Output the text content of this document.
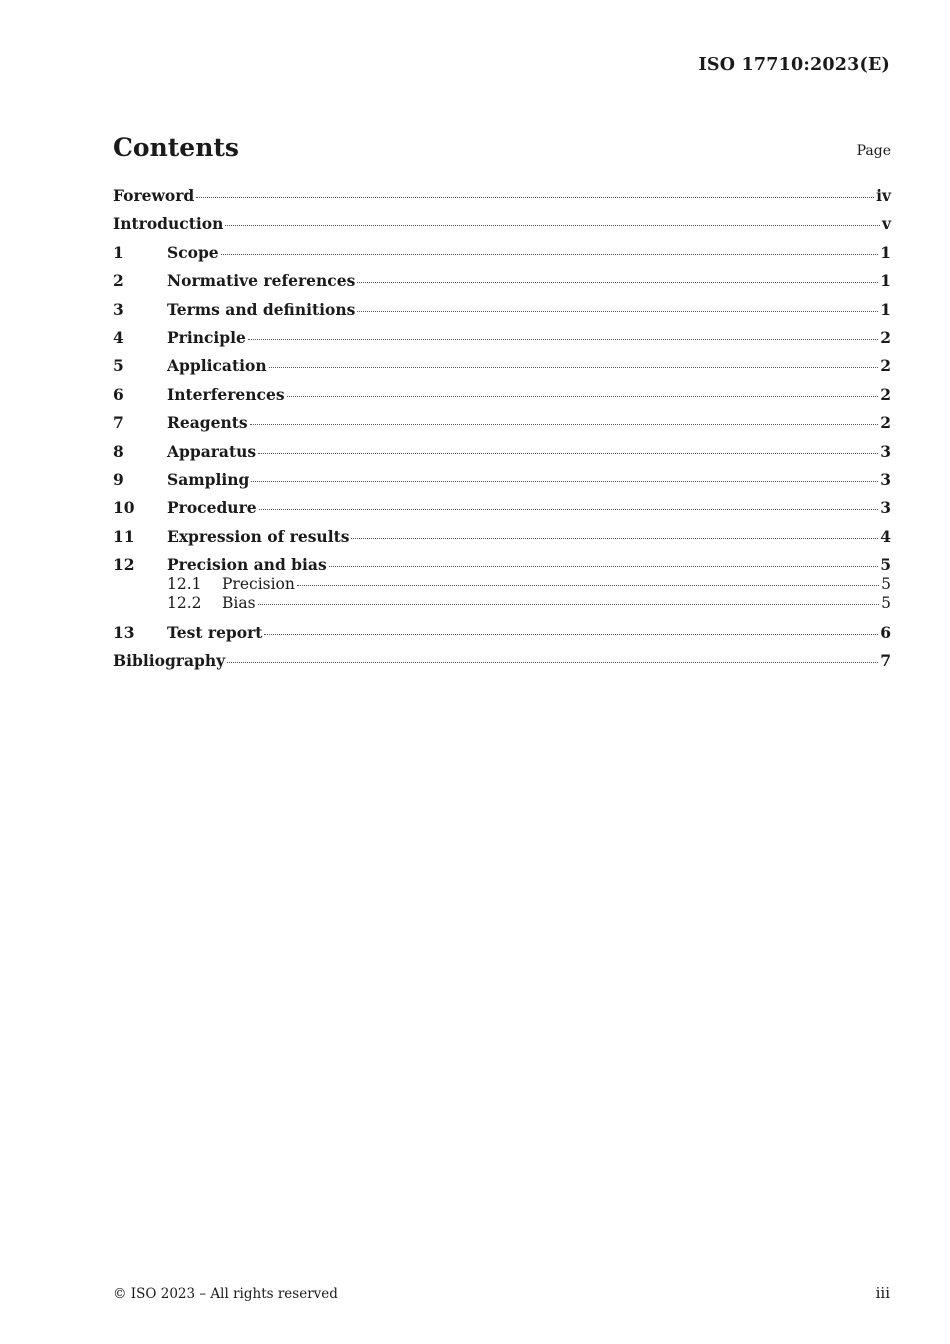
ISO 17710:2023(E)
Contents	Page
Foreword	iv
Introduction	v
1	Scope	1
2	Normative references	1
3	Terms and definitions	1
4	Principle	2
5	Application	2
6	Interferences	2
7	Reagents	2
8	Apparatus	3
9	Sampling	3
10	Procedure	3
11	Expression of results	4
12	Precision and bias	5
12.1	Precision	5
12.2	Bias	5
13	Test report	6
Bibliography	7
© ISO 2023 – All rights reserved	iii
